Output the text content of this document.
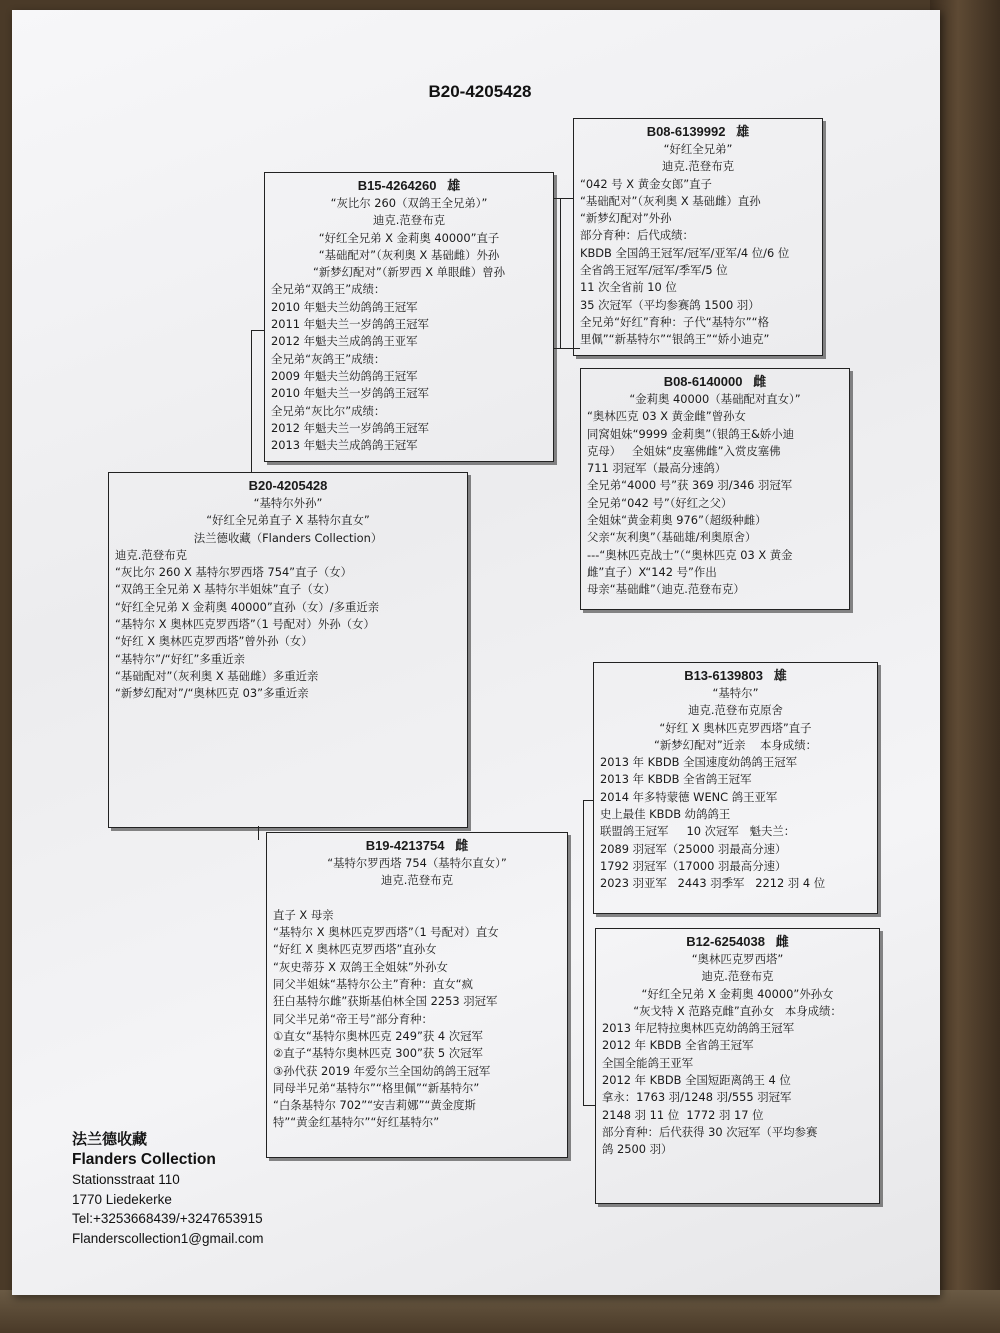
B20-4205428
B15-4264260   雄
“灰比尔 260（双鸽王全兄弟）”
迪克.范登布克
“好红全兄弟 X 金莉奥 40000”直子
“基础配对”（灰利奥 X 基础雌）外孙
“新梦幻配对”（新罗西 X 单眼雌）曾孙
全兄弟“双鸽王”成绩：
2010 年魁夫兰幼鸽鸽王冠军
2011 年魁夫兰一岁鸽鸽王冠军
2012 年魁夫兰成鸽鸽王亚军
全兄弟“灰鸽王”成绩：
2009 年魁夫兰幼鸽鸽王冠军
2010 年魁夫兰一岁鸽鸽王冠军
全兄弟“灰比尔”成绩：
2012 年魁夫兰一岁鸽鸽王冠军
2013 年魁夫兰成鸽鸽王冠军
B08-6139992   雄
“好红全兄弟”
迪克.范登布克
“042 号 X 黄金女郎”直子
“基础配对”（灰利奥 X 基础雌）直孙
“新梦幻配对”外孙
部分育种：后代成绩：
KBDB 全国鸽王冠军/冠军/亚军/4 位/6 位
全省鸽王冠军/冠军/季军/5 位
11 次全省前 10 位
35 次冠军（平均参赛鸽 1500 羽）
全兄弟“好红”育种：子代“基特尔”“格
里佩”“新基特尔”“银鸽王”“娇小迪克”
B08-6140000   雌
“金莉奥 40000（基础配对直女）”
“奥林匹克 03 X 黄金雌”曾孙女
同窝姐妹“9999 金莉奥”（银鸽王&娇小迪
克母）   全姐妹“皮塞佛雌”入赏皮塞佛
711 羽冠军（最高分速鸽）
全兄弟“4000 号”获 369 羽/346 羽冠军
全兄弟“042 号”（好红之父）
全姐妹“黄金莉奥 976”（超级种雌）
父亲“灰利奥”（基础雄/利奥原舍）
---“奥林匹克战士”（“奥林匹克 03 X 黄金
雌”直子）X“142 号”作出
母亲“基础雌”（迪克.范登布克）
B20-4205428
“基特尔外孙”
“好红全兄弟直子 X 基特尔直女”
法兰德收藏（Flanders Collection）
迪克.范登布克
“灰比尔 260 X 基特尔罗西塔 754”直子（女）
“双鸽王全兄弟 X 基特尔半姐妹”直子（女）
“好红全兄弟 X 金莉奥 40000”直孙（女）/多重近亲
“基特尔 X 奥林匹克罗西塔”（1 号配对）外孙（女）
“好红 X 奥林匹克罗西塔”曾外孙（女）
“基特尔”/“好红”多重近亲
“基础配对”（灰利奥 X 基础雌）多重近亲
“新梦幻配对”/“奥林匹克 03”多重近亲
B13-6139803   雄
“基特尔”
迪克.范登布克原舍
“好红 X 奥林匹克罗西塔”直子
“新梦幻配对”近亲    本身成绩：
2013 年 KBDB 全国速度幼鸽鸽王冠军
2013 年 KBDB 全省鸽王冠军
2014 年多特蒙德 WENC 鸽王亚军
史上最佳 KBDB 幼鸽鸽王
联盟鸽王冠军     10 次冠军   魁夫兰：
2089 羽冠军（25000 羽最高分速）
1792 羽冠军（17000 羽最高分速）
2023 羽亚军   2443 羽季军   2212 羽 4 位
B19-4213754   雌
“基特尔罗西塔 754（基特尔直女）”
迪克.范登布克

直子 X 母亲
“基特尔 X 奥林匹克罗西塔”（1 号配对）直女
“好红 X 奥林匹克罗西塔”直孙女
“灰史蒂芬 X 双鸽王全姐妹”外孙女
同父半姐妹“基特尔公主”育种：直女“疯
狂白基特尔雌”获斯基伯林全国 2253 羽冠军
同父半兄弟“帝王号”部分育种：
①直女“基特尔奥林匹克 249”获 4 次冠军
②直子“基特尔奥林匹克 300”获 5 次冠军
③孙代获 2019 年爱尔兰全国幼鸽鸽王冠军
同母半兄弟“基特尔”“格里佩”“新基特尔”
“白条基特尔 702”“安吉莉娜”“黄金度斯
特”“黄金红基特尔”“好红基特尔”
B12-6254038   雌
“奥林匹克罗西塔”
迪克.范登布克
“好红全兄弟 X 金莉奥 40000”外孙女
“灰戈特 X 范路克雌”直孙女   本身成绩：
2013 年尼特拉奥林匹克幼鸽鸽王冠军
2012 年 KBDB 全省鸽王冠军
全国全能鸽王亚军
2012 年 KBDB 全国短距离鸽王 4 位
拿永：1763 羽/1248 羽/555 羽冠军
2148 羽 11 位  1772 羽 17 位
部分育种：后代获得 30 次冠军（平均参赛
鸽 2500 羽）
法兰德收藏
Flanders Collection
Stationsstraat 110
1770 Liedekerke
Tel:+3253668439/+3247653915
Flanderscollection1@gmail.com
